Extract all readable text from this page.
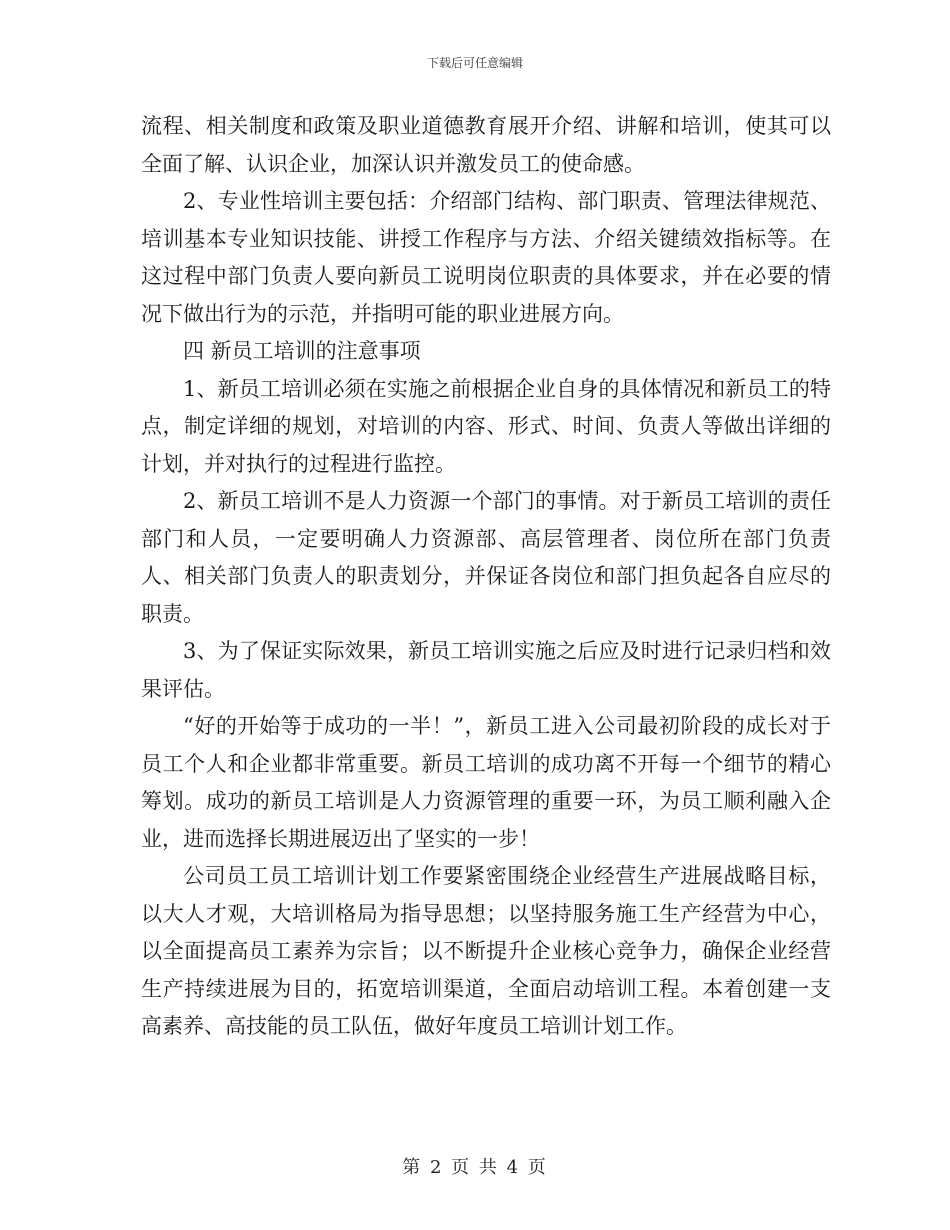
下载后可任意编辑

流程、相关制度和政策及职业道德教育展开介绍、讲解和培训，使其可以全面了解、认识企业，加深认识并激发员工的使命感。

2、专业性培训主要包括：介绍部门结构、部门职责、管理法律规范、培训基本专业知识技能、讲授工作程序与方法、介绍关键绩效指标等。在这过程中部门负责人要向新员工说明岗位职责的具体要求，并在必要的情况下做出行为的示范，并指明可能的职业进展方向。

四 新员工培训的注意事项

1、新员工培训必须在实施之前根据企业自身的具体情况和新员工的特点，制定详细的规划，对培训的内容、形式、时间、负责人等做出详细的计划，并对执行的过程进行监控。

2、新员工培训不是人力资源一个部门的事情。对于新员工培训的责任部门和人员，一定要明确人力资源部、高层管理者、岗位所在部门负责人、相关部门负责人的职责划分，并保证各岗位和部门担负起各自应尽的职责。

3、为了保证实际效果，新员工培训实施之后应及时进行记录归档和效果评估。

“好的开始等于成功的一半！”，新员工进入公司最初阶段的成长对于员工个人和企业都非常重要。新员工培训的成功离不开每一个细节的精心筹划。成功的新员工培训是人力资源管理的重要一环，为员工顺利融入企业，进而选择长期进展迈出了坚实的一步！

公司员工员工培训计划工作要紧密围绕企业经营生产进展战略目标，以大人才观，大培训格局为指导思想；以坚持服务施工生产经营为中心，以全面提高员工素养为宗旨；以不断提升企业核心竞争力，确保企业经营生产持续进展为目的，拓宽培训渠道，全面启动培训工程。本着创建一支高素养、高技能的员工队伍，做好年度员工培训计划工作。

第 2 页 共 4 页
